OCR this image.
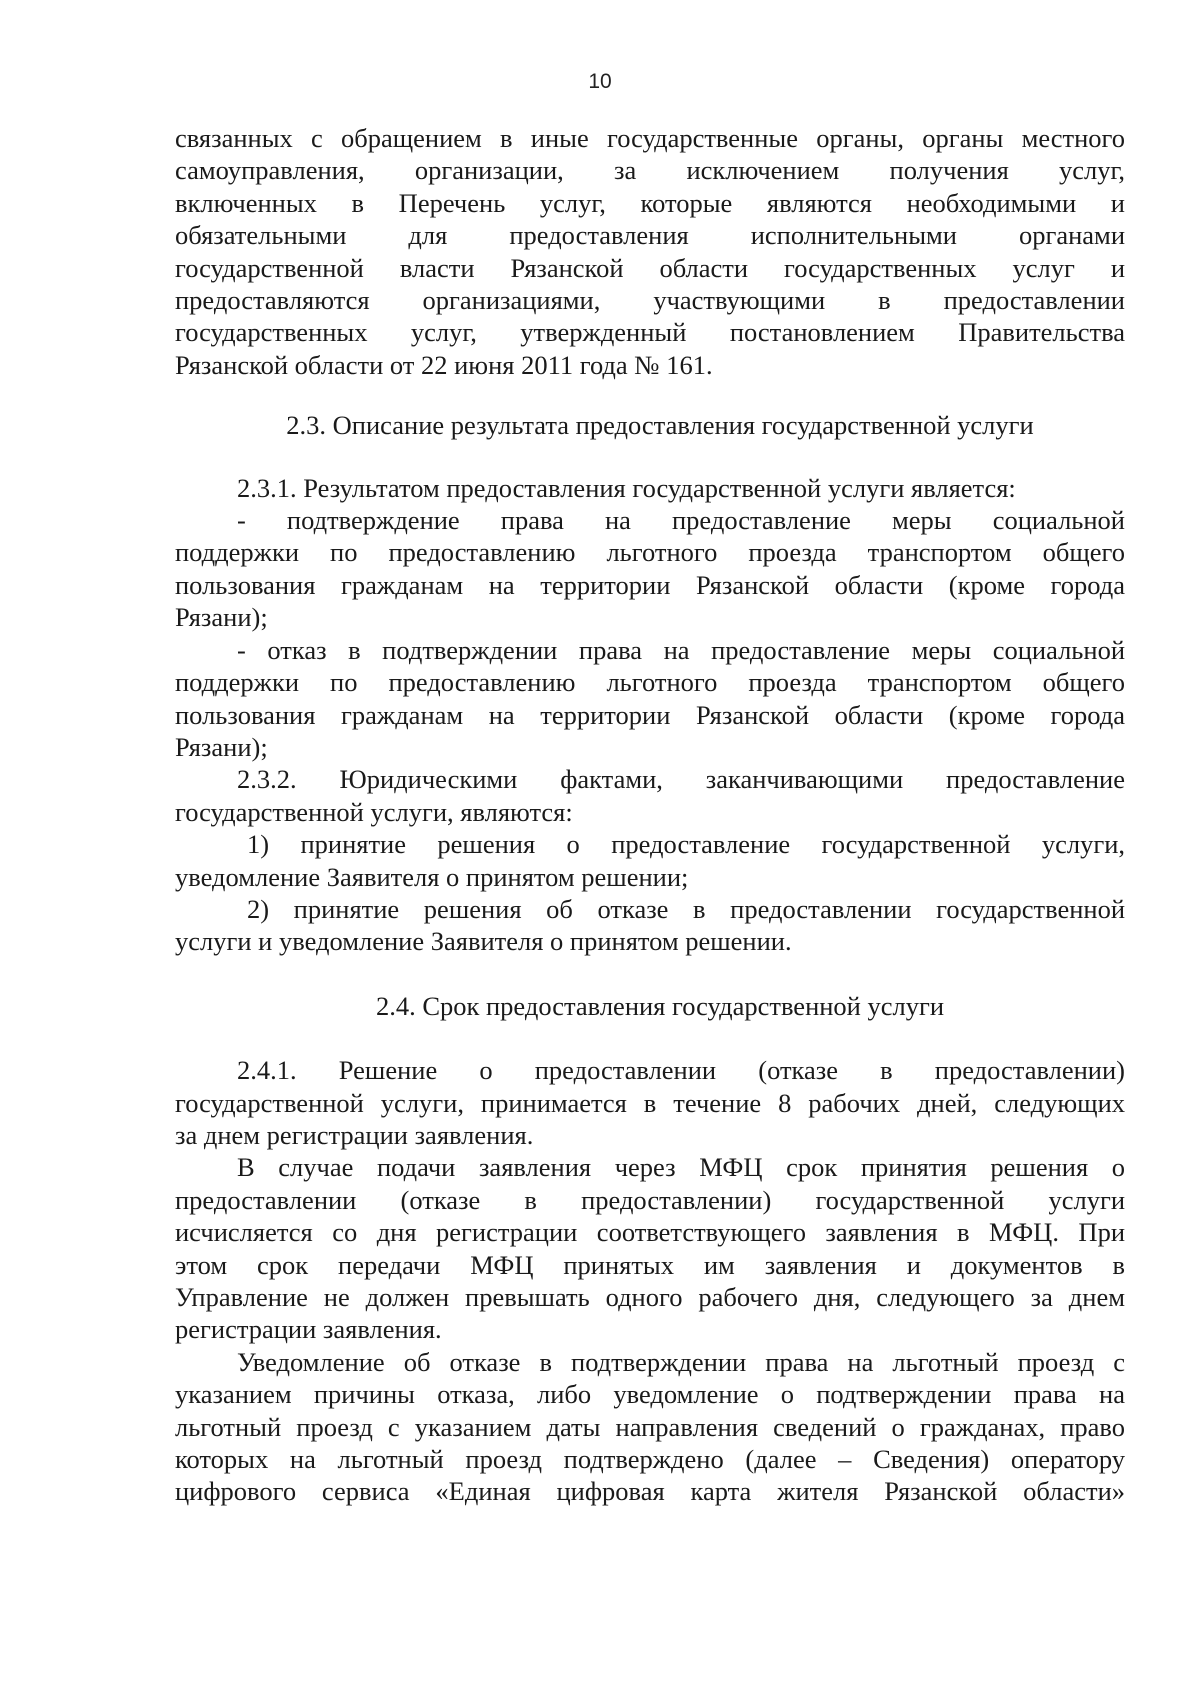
10

связанных с обращением в иные государственные органы, органы местного

самоуправления, организации, за исключением получения услуг,

включенных в Перечень услуг, которые являются необходимыми и

обязательными для предоставления исполнительными органами

государственной власти Рязанской области государственных услуг и

предоставляются организациями, участвующими в предоставлении

государственных услуг, утвержденный постановлением Правительства

Рязанской области от 22 июня 2011 года № 161.

2.3. Описание результата предоставления государственной услуги

2.3.1. Результатом предоставления государственной услуги является:

- подтверждение права на предоставление меры социальной

поддержки по предоставлению льготного проезда транспортом общего

пользования гражданам на территории Рязанской области (кроме города

Рязани);

- отказ в подтверждении права на предоставление меры социальной

поддержки по предоставлению льготного проезда транспортом общего

пользования гражданам на территории Рязанской области (кроме города

Рязани);

2.3.2. Юридическими фактами, заканчивающими предоставление

государственной услуги, являются:

1) принятие решения о предоставление государственной услуги,

уведомление Заявителя о принятом решении;

2) принятие решения об отказе в предоставлении государственной

услуги и уведомление Заявителя о принятом решении.

2.4. Срок предоставления государственной услуги

2.4.1. Решение о предоставлении (отказе в предоставлении)

государственной услуги, принимается в течение 8 рабочих дней, следующих

за днем регистрации заявления.

В случае подачи заявления через МФЦ срок принятия решения о

предоставлении (отказе в предоставлении) государственной услуги

исчисляется со дня регистрации соответствующего заявления в МФЦ. При

этом срок передачи МФЦ принятых им заявления и документов в

Управление не должен превышать одного рабочего дня, следующего за днем

регистрации заявления.

Уведомление об отказе в подтверждении права на льготный проезд с

указанием причины отказа, либо уведомление о подтверждении права на

льготный проезд с указанием даты направления сведений о гражданах, право

которых на льготный проезд подтверждено (далее – Сведения) оператору

цифрового сервиса «Единая цифровая карта жителя Рязанской области»
